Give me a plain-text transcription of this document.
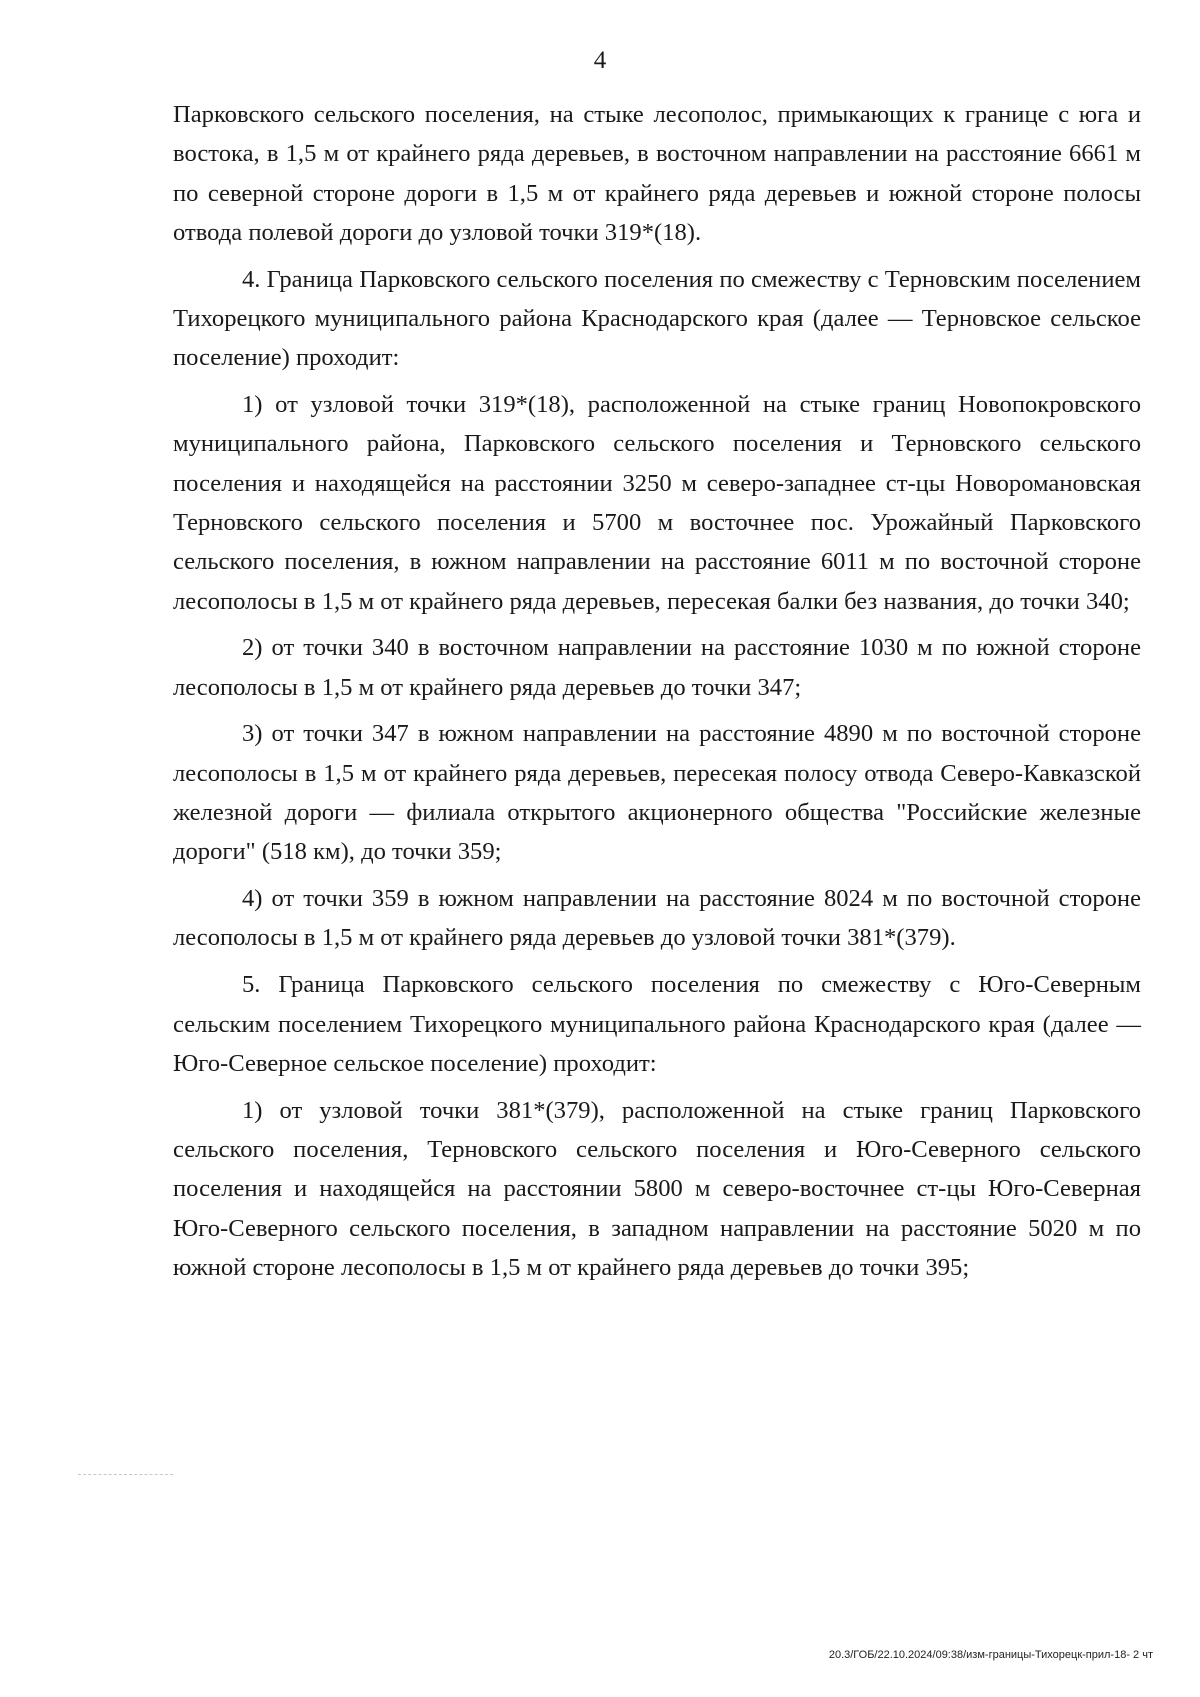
4

Парковского сельского поселения, на стыке лесополос, примыкающих к границе с юга и востока, в 1,5 м от крайнего ряда деревьев, в восточном направлении на расстояние 6661 м по северной стороне дороги в 1,5 м от крайнего ряда деревьев и южной стороне полосы отвода полевой дороги до узловой точки 319*(18).

4. Граница Парковского сельского поселения по смежеству с Терновским поселением Тихорецкого муниципального района Краснодарского края (далее — Терновское сельское поселение) проходит:

1) от узловой точки 319*(18), расположенной на стыке границ Новопокровского муниципального района, Парковского сельского поселения и Терновского сельского поселения и находящейся на расстоянии 3250 м северо-западнее ст-цы Новоромановская Терновского сельского поселения и 5700 м восточнее пос. Урожайный Парковского сельского поселения, в южном направлении на расстояние 6011 м по восточной стороне лесополосы в 1,5 м от крайнего ряда деревьев, пересекая балки без названия, до точки 340;

2) от точки 340 в восточном направлении на расстояние 1030 м по южной стороне лесополосы в 1,5 м от крайнего ряда деревьев до точки 347;

3) от точки 347 в южном направлении на расстояние 4890 м по восточной стороне лесополосы в 1,5 м от крайнего ряда деревьев, пересекая полосу отвода Северо-Кавказской железной дороги — филиала открытого акционерного общества "Российские железные дороги" (518 км), до точки 359;

4) от точки 359 в южном направлении на расстояние 8024 м по восточной стороне лесополосы в 1,5 м от крайнего ряда деревьев до узловой точки 381*(379).

5. Граница Парковского сельского поселения по смежеству с Юго-Северным сельским поселением Тихорецкого муниципального района Краснодарского края (далее — Юго-Северное сельское поселение) проходит:

1) от узловой точки 381*(379), расположенной на стыке границ Парковского сельского поселения, Терновского сельского поселения и Юго-Северного сельского поселения и находящейся на расстоянии 5800 м северо-восточнее ст-цы Юго-Северная Юго-Северного сельского поселения, в западном направлении на расстояние 5020 м по южной стороне лесополосы в 1,5 м от крайнего ряда деревьев до точки 395;

20.3/ГОБ/22.10.2024/09:38/изм-границы-Тихорецк-прил-18- 2 чт
